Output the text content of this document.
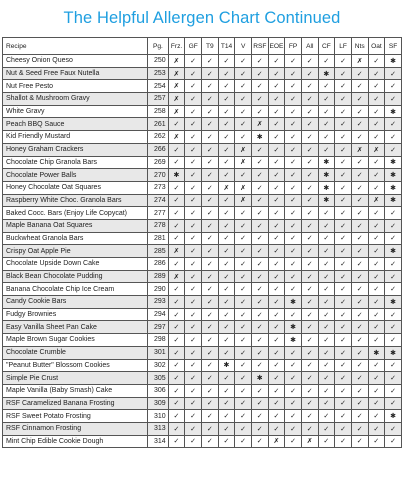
The Helpful Allergen Chart Continued
Recipe	Pg.	Frz.	GF	T9	T14	V	RSF	EOE	FP	All	CF	LF	Nts	Oat	SF
Cheesy Onion Queso	250	✗	✓	✓	✓	✓	✓	✓	✓	✓	✓	✓	✗	✓	✱
Nut & Seed Free Faux Nutella	253	✗	✓	✓	✓	✓	✓	✓	✓	✓	✱	✓	✓	✓	✓
Nut Free Pesto	254	✗	✓	✓	✓	✓	✓	✓	✓	✓	✓	✓	✓	✓	✓
Shallot & Mushroom Gravy	257	✗	✓	✓	✓	✓	✓	✓	✓	✓	✓	✓	✓	✓	✓
White Gravy	258	✗	✓	✓	✓	✓	✓	✓	✓	✓	✓	✓	✓	✓	✱
Peach BBQ Sauce	261	✓	✓	✓	✓	✓	✗	✓	✓	✓	✓	✓	✓	✓	✓
Kid Friendly Mustard	262	✗	✓	✓	✓	✓	✱	✓	✓	✓	✓	✓	✓	✓	✓
Honey Graham Crackers	266	✓	✓	✓	✓	✗	✓	✓	✓	✓	✓	✓	✗	✗	✓
Chocolate Chip Granola Bars	269	✓	✓	✓	✓	✗	✓	✓	✓	✓	✱	✓	✓	✓	✱
Chocolate Power Balls	270	✱	✓	✓	✓	✓	✓	✓	✓	✓	✱	✓	✓	✓	✱
Honey Chocolate Oat Squares	273	✓	✓	✓	✗	✗	✓	✓	✓	✓	✱	✓	✓	✓	✱
Raspberry White Choc. Granola Bars	274	✓	✓	✓	✓	✗	✓	✓	✓	✓	✱	✓	✓	✗	✱
Baked Cocc. Bars (Enjoy Life Copycat)	277	✓	✓	✓	✓	✓	✓	✓	✓	✓	✓	✓	✓	✓	✓
Maple Banana Oat Squares	278	✓	✓	✓	✓	✓	✓	✓	✓	✓	✓	✓	✓	✓	✓
Buckwheat Granola Bars	281	✓	✓	✓	✓	✓	✓	✓	✓	✓	✓	✓	✓	✓	✓
Crispy Oat Apple Pie	285	✗	✓	✓	✓	✓	✓	✓	✓	✓	✓	✓	✓	✓	✱
Chocolate Upside Down Cake	286	✓	✓	✓	✓	✓	✓	✓	✓	✓	✓	✓	✓	✓	✓
Black Bean Chocolate Pudding	289	✗	✓	✓	✓	✓	✓	✓	✓	✓	✓	✓	✓	✓	✓
Banana Chocolate Chip Ice Cream	290	✓	✓	✓	✓	✓	✓	✓	✓	✓	✓	✓	✓	✓	✓
Candy Cookie Bars	293	✓	✓	✓	✓	✓	✓	✓	✱	✓	✓	✓	✓	✓	✱
Fudgy Brownies	294	✓	✓	✓	✓	✓	✓	✓	✓	✓	✓	✓	✓	✓	✓
Easy Vanilla Sheet Pan Cake	297	✓	✓	✓	✓	✓	✓	✓	✱	✓	✓	✓	✓	✓	✓
Maple Brown Sugar Cookies	298	✓	✓	✓	✓	✓	✓	✓	✱	✓	✓	✓	✓	✓	✓
Chocolate Crumble	301	✓	✓	✓	✓	✓	✓	✓	✓	✓	✓	✓	✓	✱	✱
"Peanut Butter" Blossom Cookies	302	✓	✓	✓	✱	✓	✓	✓	✓	✓	✓	✓	✓	✓	✓
Simple Pie Crust	305	✓	✓	✓	✓	✓	✱	✓	✓	✓	✓	✓	✓	✓	✓
Maple Vanilla (Baby Smash) Cake	306	✓	✓	✓	✓	✓	✓	✓	✓	✓	✓	✓	✓	✓	✓
RSF Caramelized Banana Frosting	309	✓	✓	✓	✓	✓	✓	✓	✓	✓	✓	✓	✓	✓	✓
RSF Sweet Potato Frosting	310	✓	✓	✓	✓	✓	✓	✓	✓	✓	✓	✓	✓	✓	✱
RSF Cinnamon Frosting	313	✓	✓	✓	✓	✓	✓	✓	✓	✓	✓	✓	✓	✓	✓
Mint Chip Edible Cookie Dough	314	✓	✓	✓	✓	✓	✓	✗	✓	✗	✓	✓	✓	✓	✓
